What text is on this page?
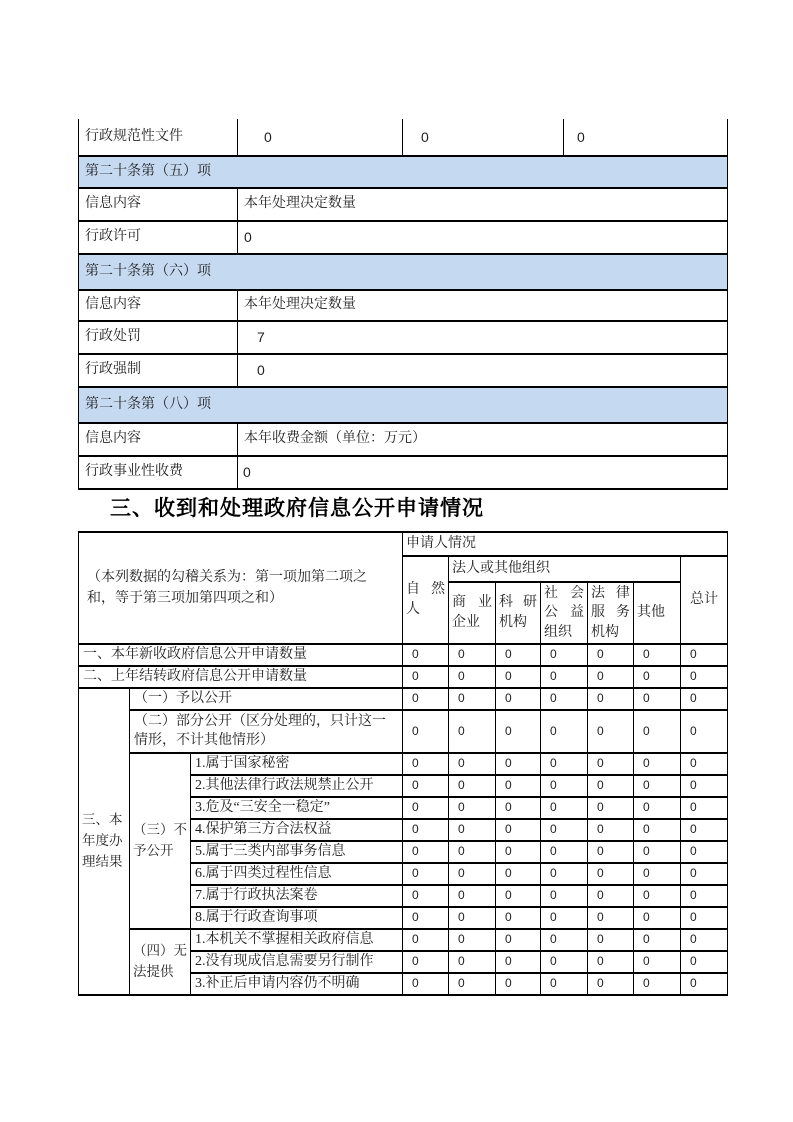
行政规范性文件	0	0	0
第二十条第（五）项			
信息内容	本年处理决定数量		
行政许可	0		
第二十条第（六）项			
信息内容	本年处理决定数量		
行政处罚	7		
行政强制	0		
第二十条第（八）项			
信息内容	本年收费金额（单位：万元）		
行政事业性收费	0		
三、收到和处理政府信息公开申请情况
（本列数据的勾稽关系为：第一项加第二项之和，等于第三项加第四项之和）			申请人情况						
			自然人	法人或其他组织					总计
				商业企业	科研机构	社会公益组织	法律服务机构	其他	
一、本年新收政府信息公开申请数量			0	0	0	0	0	0	0
二、上年结转政府信息公开申请数量			0	0	0	0	0	0	0
三、本年度办理结果	（一）予以公开		0	0	0	0	0	0	0
	（二）部分公开（区分处理的，只计这一情形，不计其他情形）		0	0	0	0	0	0	0
	（三）不予公开	1.属于国家秘密	0	0	0	0	0	0	0
		2.其他法律行政法规禁止公开	0	0	0	0	0	0	0
		3.危及“三安全一稳定”	0	0	0	0	0	0	0
		4.保护第三方合法权益	0	0	0	0	0	0	0
		5.属于三类内部事务信息	0	0	0	0	0	0	0
		6.属于四类过程性信息	0	0	0	0	0	0	0
		7.属于行政执法案卷	0	0	0	0	0	0	0
		8.属于行政查询事项	0	0	0	0	0	0	0
	（四）无法提供	1.本机关不掌握相关政府信息	0	0	0	0	0	0	0
		2.没有现成信息需要另行制作	0	0	0	0	0	0	0
		3.补正后申请内容仍不明确	0	0	0	0	0	0	0
